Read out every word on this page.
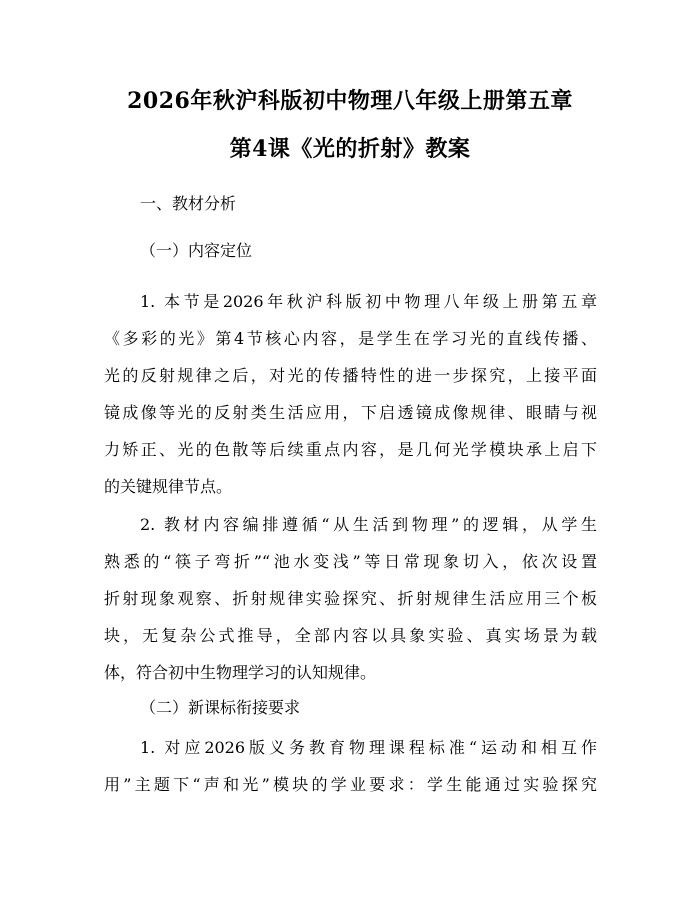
2026年秋沪科版初中物理八年级上册第五章
第4课《光的折射》教案
一、教材分析
（一）内容定位
1. 本节是2026年秋沪科版初中物理八年级上册第五章
《多彩的光》第4节核心内容，是学生在学习光的直线传播、
光的反射规律之后，对光的传播特性的进一步探究，上接平面
镜成像等光的反射类生活应用，下启透镜成像规律、眼睛与视
力矫正、光的色散等后续重点内容，是几何光学模块承上启下
的关键规律节点。
2. 教材内容编排遵循“从生活到物理”的逻辑，从学生
熟悉的“筷子弯折”“池水变浅”等日常现象切入，依次设置
折射现象观察、折射规律实验探究、折射规律生活应用三个板
块，无复杂公式推导，全部内容以具象实验、真实场景为载
体，符合初中生物理学习的认知规律。
（二）新课标衔接要求
1. 对应2026版义务教育物理课程标准“运动和相互作
用”主题下“声和光”模块的学业要求：学生能通过实验探究
